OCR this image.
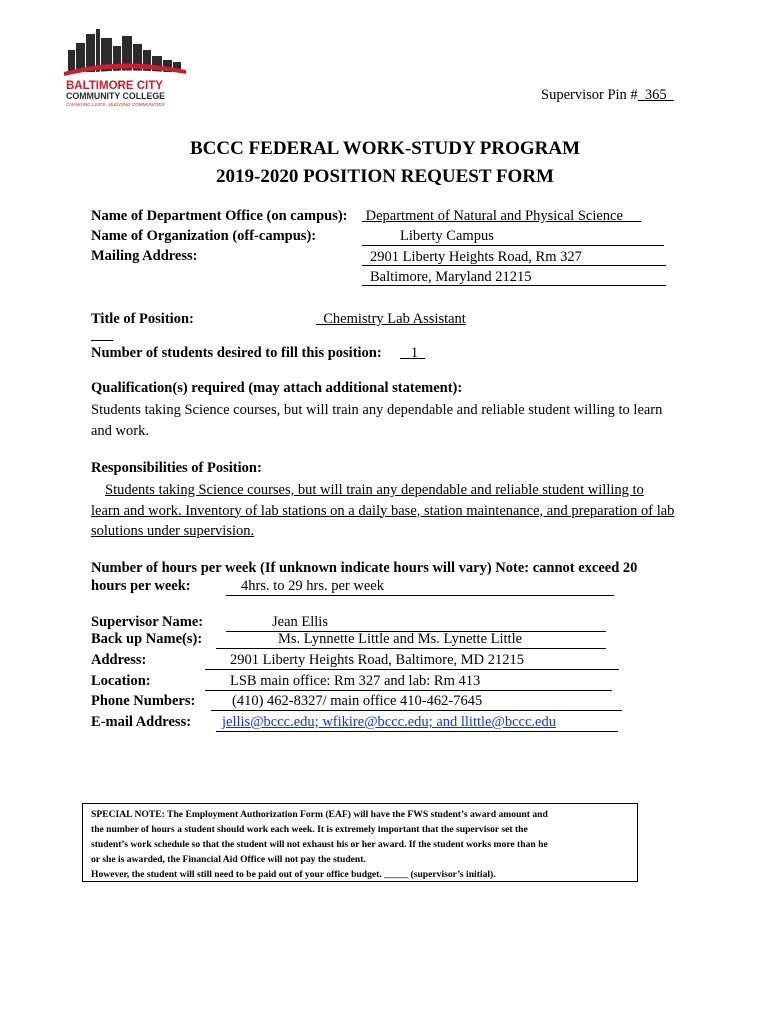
BALTIMORE CITY
COMMUNITY COLLEGE
CHANGING LIVES...BUILDING COMMUNITIES
Supervisor Pin # 365
BCCC FEDERAL WORK-STUDY PROGRAM
2019-2020 POSITION REQUEST FORM
Name of Department Office (on campus): Department of Natural and Physical Science
Name of Organization (off-campus):	Liberty Campus
Mailing Address:	2901 Liberty Heights Road, Rm 327
Baltimore, Maryland 21215
Title of Position:	Chemistry Lab Assistant
Number of students desired to fill this position:	1
Qualification(s) required (may attach additional statement):
Students taking Science courses, but will train any dependable and reliable student willing to learn and work.
Responsibilities of Position:
Students taking Science courses, but will train any dependable and reliable student willing to learn and work. Inventory of lab stations on a daily base, station maintenance, and preparation of lab solutions under supervision.
Number of hours per week (If unknown indicate hours will vary) Note: cannot exceed 20
hours per week:	4hrs. to 29 hrs. per week
Supervisor Name:	Jean Ellis
Back up Name(s):	Ms. Lynnette Little and Ms. Lynette Little
Address:	2901 Liberty Heights Road, Baltimore, MD 21215
Location:	LSB main office: Rm 327 and lab: Rm 413
Phone Numbers:	(410) 462-8327/ main office 410-462-7645
E-mail Address:	jellis@bccc.edu; wfikire@bccc.edu; and llittle@bccc.edu
SPECIAL NOTE: The Employment Authorization Form (EAF) will have the FWS student’s award amount and
the number of hours a student should work each week. It is extremely important that the supervisor set the
student’s work schedule so that the student will not exhaust his or her award. If the student works more than he
or she is awarded, the Financial Aid Office will not pay the student.
However, the student will still need to be paid out of your office budget. _____ (supervisor’s initial).
